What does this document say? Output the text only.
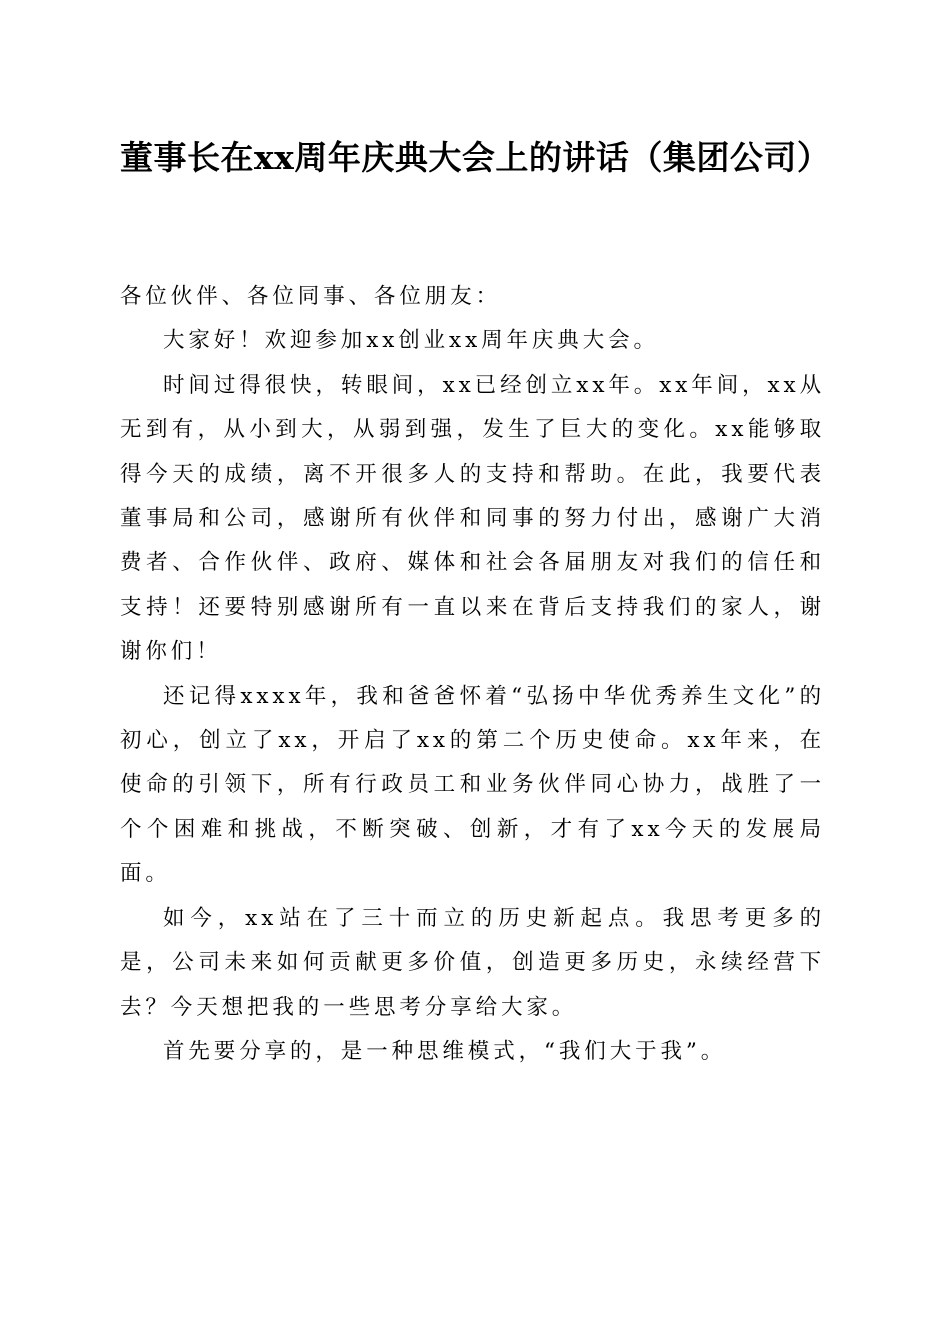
董事长在xx周年庆典大会上的讲话（集团公司）

各位伙伴、各位同事、各位朋友：

大家好！欢迎参加xx创业xx周年庆典大会。

时间过得很快，转眼间，xx已经创立xx年。xx年间，xx从无到有，从小到大，从弱到强，发生了巨大的变化。xx能够取得今天的成绩，离不开很多人的支持和帮助。在此，我要代表董事局和公司，感谢所有伙伴和同事的努力付出，感谢广大消费者、合作伙伴、政府、媒体和社会各届朋友对我们的信任和支持！还要特别感谢所有一直以来在背后支持我们的家人，谢谢你们！

还记得xxxx年，我和爸爸怀着“弘扬中华优秀养生文化”的初心，创立了xx，开启了xx的第二个历史使命。xx年来，在使命的引领下，所有行政员工和业务伙伴同心协力，战胜了一个个困难和挑战，不断突破、创新，才有了xx今天的发展局面。

如今，xx站在了三十而立的历史新起点。我思考更多的是，公司未来如何贡献更多价值，创造更多历史，永续经营下去？今天想把我的一些思考分享给大家。

首先要分享的，是一种思维模式，“我们大于我”。
